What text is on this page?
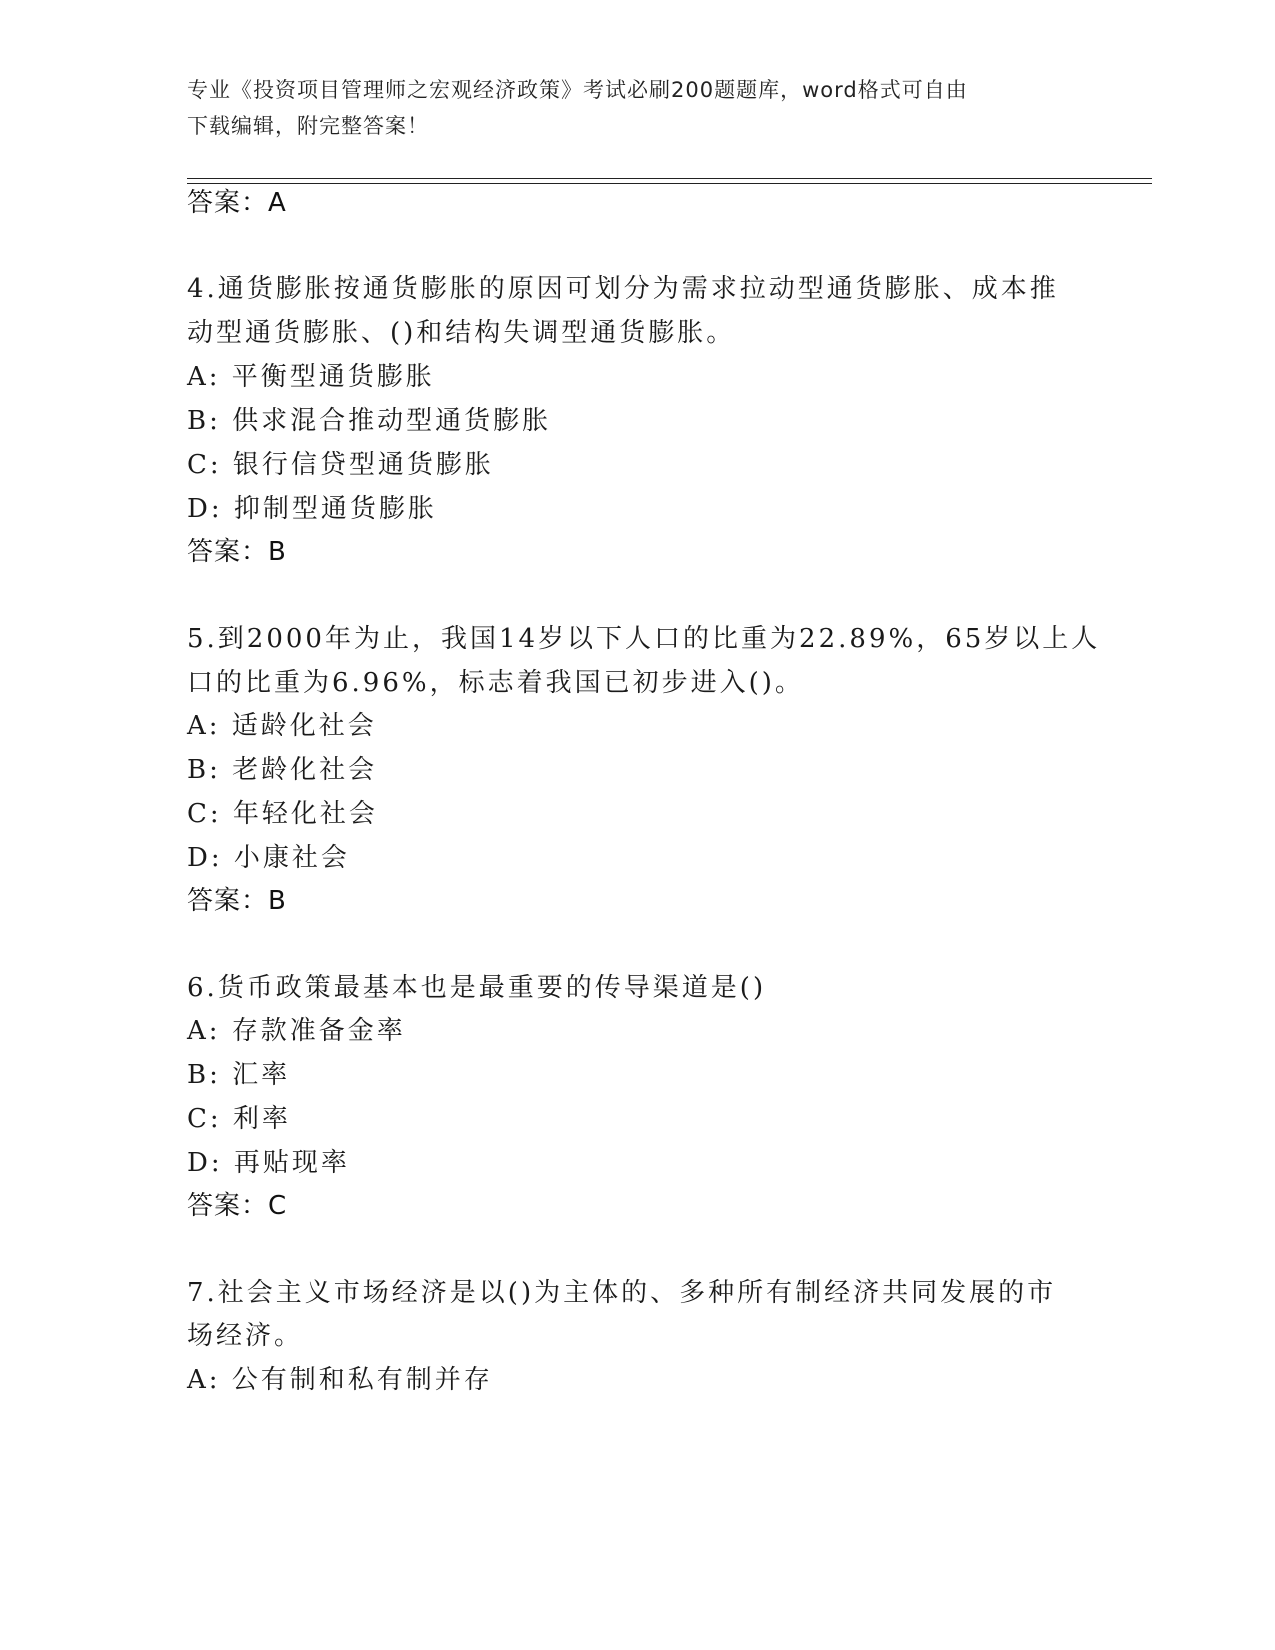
专业《投资项目管理师之宏观经济政策》考试必刷200题题库，word格式可自由
下载编辑，附完整答案！
答案：A
4.通货膨胀按通货膨胀的原因可划分为需求拉动型通货膨胀、成本推
动型通货膨胀、()和结构失调型通货膨胀。
A: 平衡型通货膨胀
B: 供求混合推动型通货膨胀
C: 银行信贷型通货膨胀
D: 抑制型通货膨胀
答案：B
5.到2000年为止，我国14岁以下人口的比重为22.89%，65岁以上人
口的比重为6.96%，标志着我国已初步进入()。
A: 适龄化社会
B: 老龄化社会
C: 年轻化社会
D: 小康社会
答案：B
6.货币政策最基本也是最重要的传导渠道是()
A: 存款准备金率
B: 汇率
C: 利率
D: 再贴现率
答案：C
7.社会主义市场经济是以()为主体的、多种所有制经济共同发展的市
场经济。
A: 公有制和私有制并存
